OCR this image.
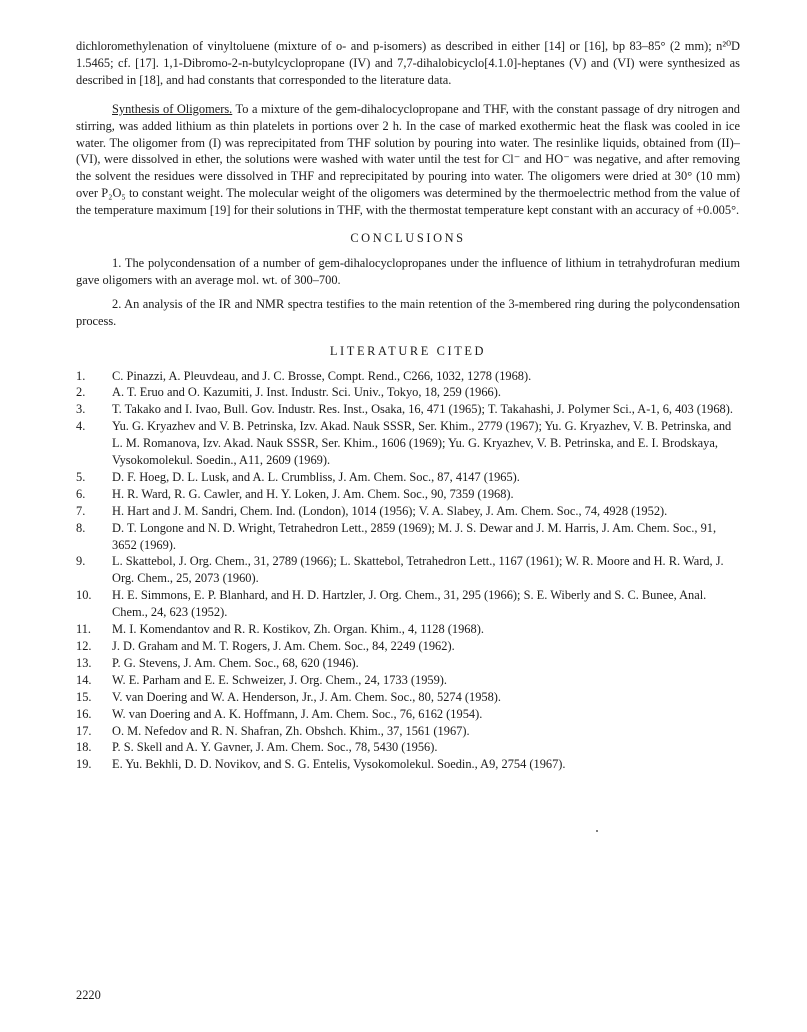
dichloromethylenation of vinyltoluene (mixture of o- and p-isomers) as described in either [14] or [16], bp 83–85° (2 mm); n²⁰D 1.5465; cf. [17]. 1,1-Dibromo-2-n-butylcyclopropane (IV) and 7,7-dihalobicyclo[4.1.0]-heptanes (V) and (VI) were synthesized as described in [18], and had constants that corresponded to the literature data.

Synthesis of Oligomers. To a mixture of the gem-dihalocyclopropane and THF, with the constant passage of dry nitrogen and stirring, was added lithium as thin platelets in portions over 2 h. In the case of marked exothermic heat the flask was cooled in ice water. The oligomer from (I) was reprecipitated from THF solution by pouring into water. The resinlike liquids, obtained from (II)–(VI), were dissolved in ether, the solutions were washed with water until the test for Cl⁻ and HO⁻ was negative, and after removing the solvent the residues were dissolved in THF and reprecipitated by pouring into water. The oligomers were dried at 30° (10 mm) over P₂O₅ to constant weight. The molecular weight of the oligomers was determined by the thermoelectric method from the value of the temperature maximum [19] for their solutions in THF, with the thermostat temperature kept constant with an accuracy of +0.005°.

CONCLUSIONS

1. The polycondensation of a number of gem-dihalocyclopropanes under the influence of lithium in tetrahydrofuran medium gave oligomers with an average mol. wt. of 300–700.

2. An analysis of the IR and NMR spectra testifies to the main retention of the 3-membered ring during the polycondensation process.

LITERATURE CITED
1.	C. Pinazzi, A. Pleuvdeau, and J. C. Brosse, Compt. Rend., C266, 1032, 1278 (1968).
2.	A. T. Eruo and O. Kazumiti, J. Inst. Industr. Sci. Univ., Tokyo, 18, 259 (1966).
3.	T. Takako and I. Ivao, Bull. Gov. Industr. Res. Inst., Osaka, 16, 471 (1965); T. Takahashi, J. Polymer Sci., A-1, 6, 403 (1968).
4.	Yu. G. Kryazhev and V. B. Petrinska, Izv. Akad. Nauk SSSR, Ser. Khim., 2779 (1967); Yu. G. Kryazhev, V. B. Petrinska, and L. M. Romanova, Izv. Akad. Nauk SSSR, Ser. Khim., 1606 (1969); Yu. G. Kryazhev, V. B. Petrinska, and E. I. Brodskaya, Vysokomolekul. Soedin., A11, 2609 (1969).
5.	D. F. Hoeg, D. L. Lusk, and A. L. Crumbliss, J. Am. Chem. Soc., 87, 4147 (1965).
6.	H. R. Ward, R. G. Cawler, and H. Y. Loken, J. Am. Chem. Soc., 90, 7359 (1968).
7.	H. Hart and J. M. Sandri, Chem. Ind. (London), 1014 (1956); V. A. Slabey, J. Am. Chem. Soc., 74, 4928 (1952).
8.	D. T. Longone and N. D. Wright, Tetrahedron Lett., 2859 (1969); M. J. S. Dewar and J. M. Harris, J. Am. Chem. Soc., 91, 3652 (1969).
9.	L. Skattebol, J. Org. Chem., 31, 2789 (1966); L. Skattebol, Tetrahedron Lett., 1167 (1961); W. R. Moore and H. R. Ward, J. Org. Chem., 25, 2073 (1960).
10.	H. E. Simmons, E. P. Blanhard, and H. D. Hartzler, J. Org. Chem., 31, 295 (1966); S. E. Wiberly and S. C. Bunee, Anal. Chem., 24, 623 (1952).
11.	M. I. Komendantov and R. R. Kostikov, Zh. Organ. Khim., 4, 1128 (1968).
12.	J. D. Graham and M. T. Rogers, J. Am. Chem. Soc., 84, 2249 (1962).
13.	P. G. Stevens, J. Am. Chem. Soc., 68, 620 (1946).
14.	W. E. Parham and E. E. Schweizer, J. Org. Chem., 24, 1733 (1959).
15.	V. van Doering and W. A. Henderson, Jr., J. Am. Chem. Soc., 80, 5274 (1958).
16.	W. van Doering and A. K. Hoffmann, J. Am. Chem. Soc., 76, 6162 (1954).
17.	O. M. Nefedov and R. N. Shafran, Zh. Obshch. Khim., 37, 1561 (1967).
18.	P. S. Skell and A. Y. Gavner, J. Am. Chem. Soc., 78, 5430 (1956).
19.	E. Yu. Bekhli, D. D. Novikov, and S. G. Entelis, Vysokomolekul. Soedin., A9, 2754 (1967).
2220
